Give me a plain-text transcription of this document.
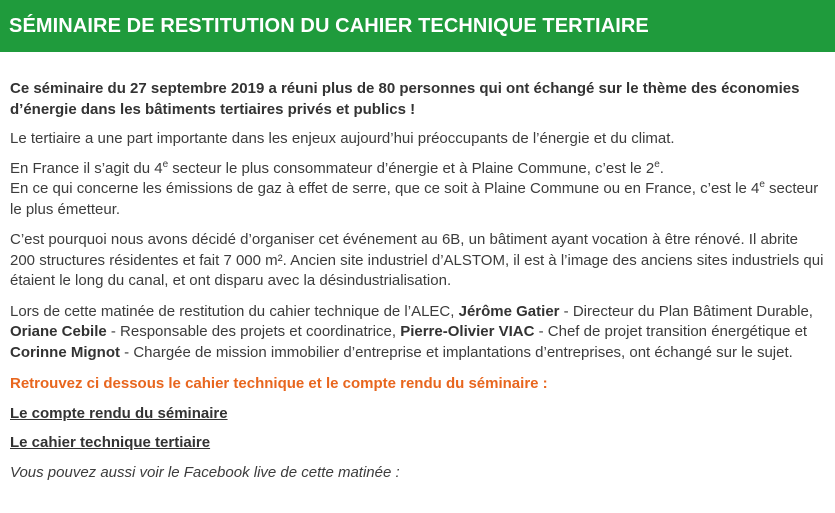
SÉMINAIRE DE RESTITUTION DU CAHIER TECHNIQUE TERTIAIRE

Ce séminaire du 27 septembre 2019 a réuni plus de 80 personnes qui ont échangé sur le thème des économies d’énergie dans les bâtiments tertiaires privés et publics !

Le tertiaire a une part importante dans les enjeux aujourd’hui préoccupants de l’énergie et du climat.

En France il s’agit du 4e secteur le plus consommateur d’énergie et à Plaine Commune, c’est le 2e.
En ce qui concerne les émissions de gaz à effet de serre, que ce soit à Plaine Commune ou en France, c’est le 4e secteur le plus émetteur.

C’est pourquoi nous avons décidé d’organiser cet événement au 6B, un bâtiment ayant vocation à être rénové. Il abrite 200 structures résidentes et fait 7 000 m². Ancien site industriel d’ALSTOM, il est à l’image des anciens sites industriels qui étaient le long du canal, et ont disparu avec la désindustrialisation.

Lors de cette matinée de restitution du cahier technique de l’ALEC, Jérôme Gatier - Directeur du Plan Bâtiment Durable, Oriane Cebile - Responsable des projets et coordinatrice, Pierre-Olivier VIAC - Chef de projet transition énergétique et Corinne Mignot - Chargée de mission immobilier d’entreprise et implantations d’entreprises, ont échangé sur le sujet.

Retrouvez ci dessous le cahier technique et le compte rendu du séminaire :

Le compte rendu du séminaire

Le cahier technique tertiaire

Vous pouvez aussi voir le Facebook live de cette matinée :
